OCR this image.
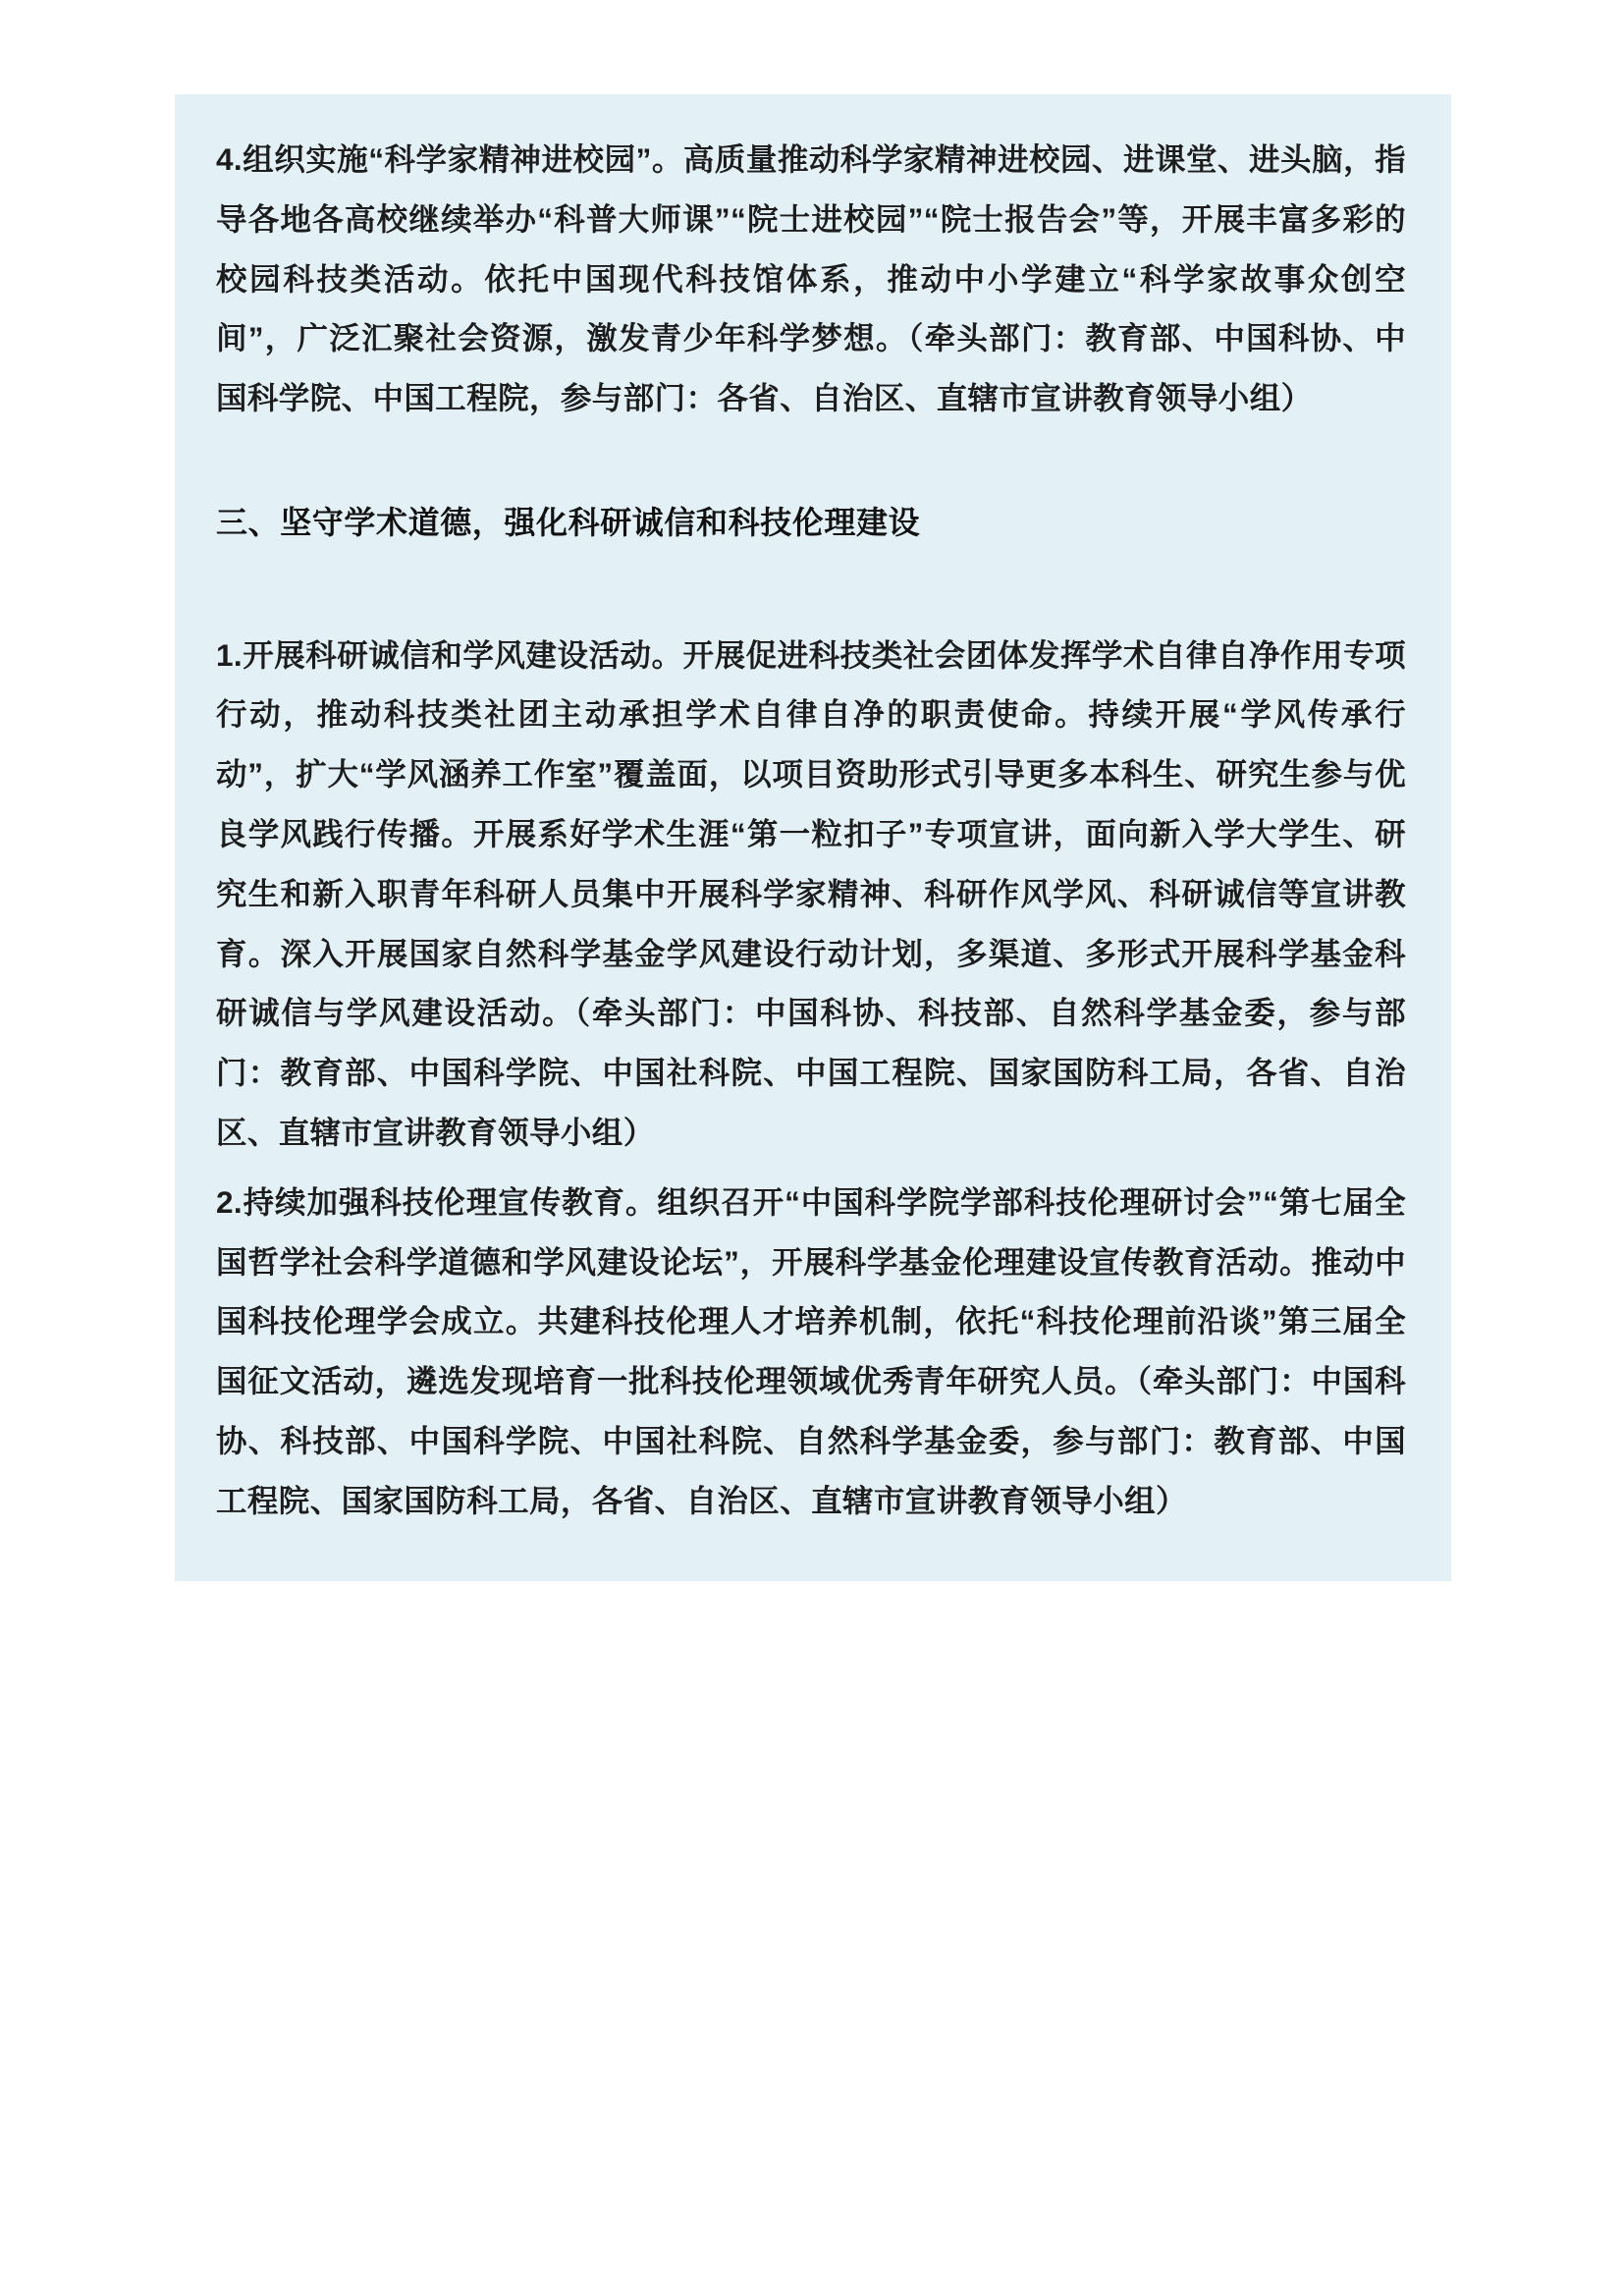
4.组织实施“科学家精神进校园”。高质量推动科学家精神进校园、进课堂、进头脑，指导各地各高校继续举办“科普大师课”“院士进校园”“院士报告会”等，开展丰富多彩的校园科技类活动。依托中国现代科技馆体系，推动中小学建立“科学家故事众创空间”，广泛汇聚社会资源，激发青少年科学梦想。（牵头部门：教育部、中国科协、中国科学院、中国工程院，参与部门：各省、自治区、直辖市宣讲教育领导小组）

三、坚守学术道德，强化科研诚信和科技伦理建设

1.开展科研诚信和学风建设活动。开展促进科技类社会团体发挥学术自律自净作用专项行动，推动科技类社团主动承担学术自律自净的职责使命。持续开展“学风传承行动”，扩大“学风涵养工作室”覆盖面，以项目资助形式引导更多本科生、研究生参与优良学风践行传播。开展系好学术生涯“第一粒扣子”专项宣讲，面向新入学大学生、研究生和新入职青年科研人员集中开展科学家精神、科研作风学风、科研诚信等宣讲教育。深入开展国家自然科学基金学风建设行动计划，多渠道、多形式开展科学基金科研诚信与学风建设活动。（牵头部门：中国科协、科技部、自然科学基金委，参与部门：教育部、中国科学院、中国社科院、中国工程院、国家国防科工局，各省、自治区、直辖市宣讲教育领导小组）

2.持续加强科技伦理宣传教育。组织召开“中国科学院学部科技伦理研讨会”“第七届全国哲学社会科学道德和学风建设论坛”，开展科学基金伦理建设宣传教育活动。推动中国科技伦理学会成立。共建科技伦理人才培养机制，依托“科技伦理前沿谈”第三届全国征文活动，遴选发现培育一批科技伦理领域优秀青年研究人员。（牵头部门：中国科协、科技部、中国科学院、中国社科院、自然科学基金委，参与部门：教育部、中国工程院、国家国防科工局，各省、自治区、直辖市宣讲教育领导小组）
